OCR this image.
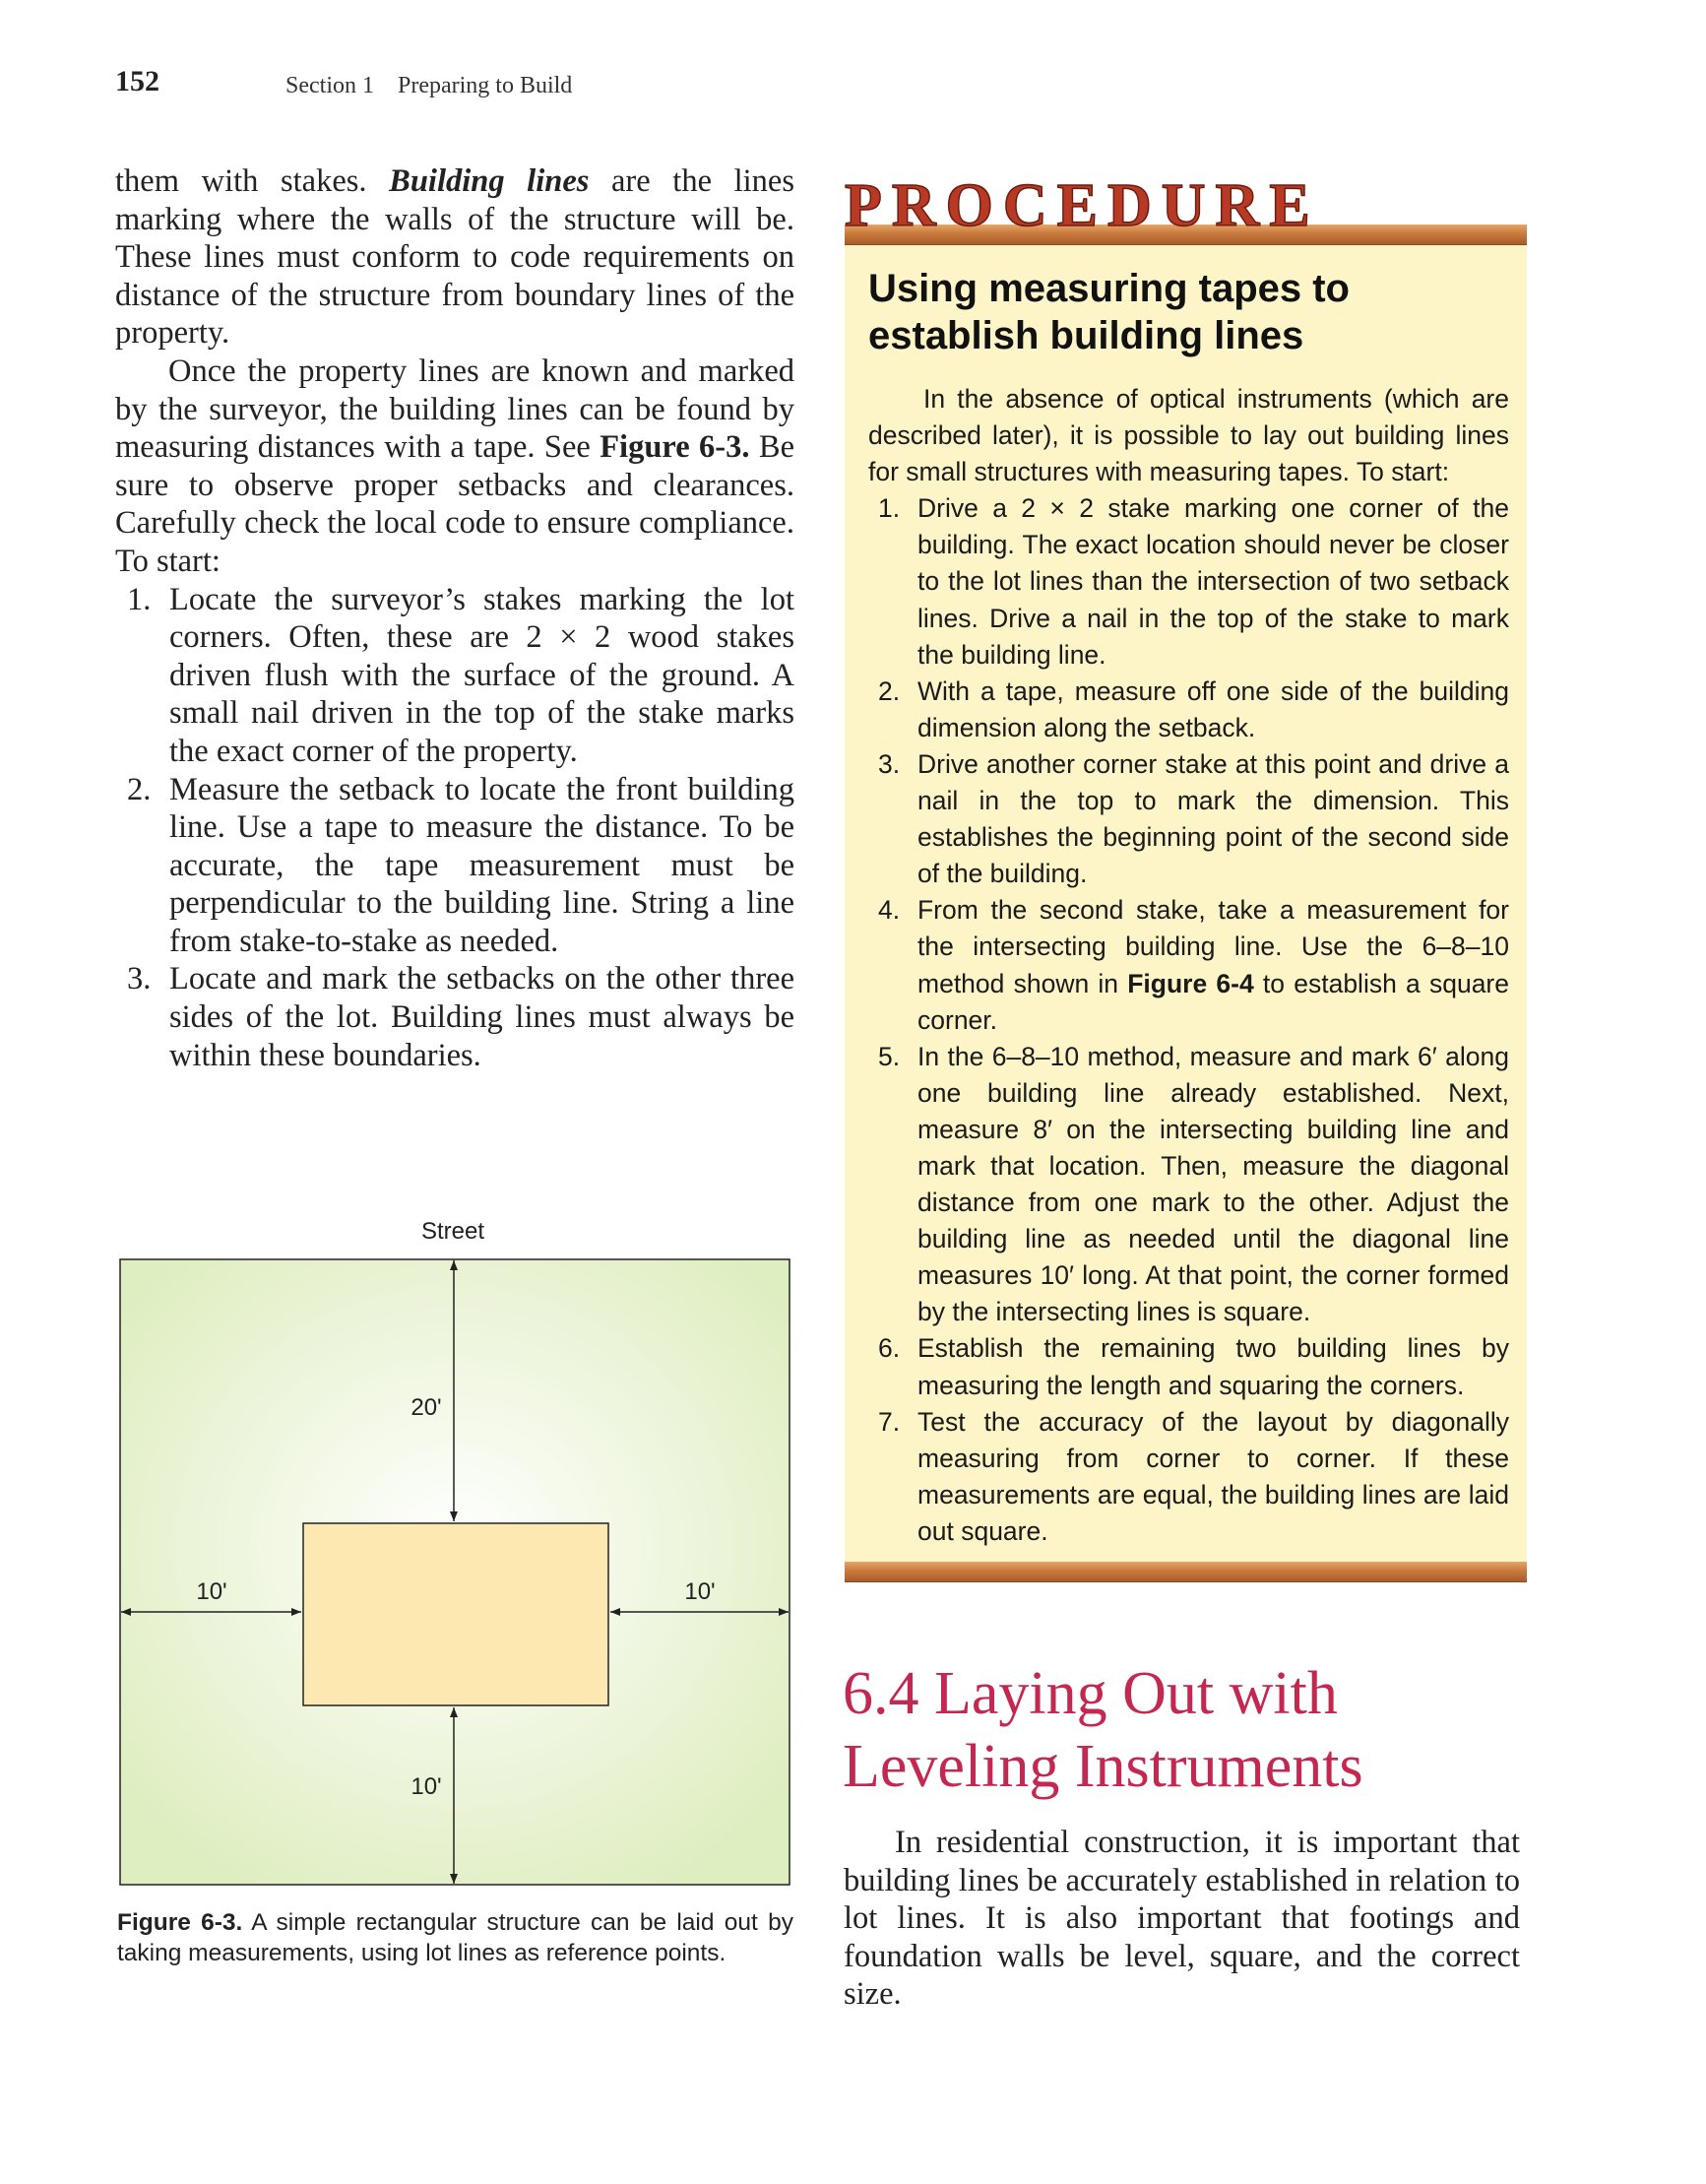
152	Section 1    Preparing to Build

them with stakes. Building lines are the lines marking where the walls of the structure will be. These lines must conform to code requirements on distance of the structure from boundary lines of the property.

Once the property lines are known and marked by the surveyor, the building lines can be found by measuring distances with a tape. See Figure 6-3. Be sure to observe proper setbacks and clearances. Carefully check the local code to ensure compliance. To start:

1. Locate the surveyor’s stakes marking the lot corners. Often, these are 2 × 2 wood stakes driven flush with the surface of the ground. A small nail driven in the top of the stake marks the exact corner of the property.
2. Measure the setback to locate the front building line. Use a tape to measure the distance. To be accurate, the tape measurement must be perpendicular to the building line. String a line from stake-to-stake as needed.
3. Locate and mark the setbacks on the other three sides of the lot. Building lines must always be within these boundaries.
Street
20'
10'	10'
10'
Figure 6-3. A simple rectangular structure can be laid out by taking measurements, using lot lines as reference points.
PROCEDURE
Using measuring tapes to establish building lines

In the absence of optical instruments (which are described later), it is possible to lay out building lines for small structures with measuring tapes. To start:

1. Drive a 2 × 2 stake marking one corner of the building. The exact location should never be closer to the lot lines than the intersection of two setback lines. Drive a nail in the top of the stake to mark the building line.
2. With a tape, measure off one side of the building dimension along the setback.
3. Drive another corner stake at this point and drive a nail in the top to mark the dimension. This establishes the beginning point of the second side of the building.
4. From the second stake, take a measurement for the intersecting building line. Use the 6–8–10 method shown in Figure 6-4 to establish a square corner.
5. In the 6–8–10 method, measure and mark 6′ along one building line already established. Next, measure 8′ on the intersecting building line and mark that location. Then, measure the diagonal distance from one mark to the other. Adjust the building line as needed until the diagonal line measures 10′ long. At that point, the corner formed by the intersecting lines is square.
6. Establish the remaining two building lines by measuring the length and squaring the corners.
7. Test the accuracy of the layout by diagonally measuring from corner to corner. If these measurements are equal, the building lines are laid out square.
6.4 Laying Out with
Leveling Instruments

In residential construction, it is important that building lines be accurately established in relation to lot lines. It is also important that footings and foundation walls be level, square, and the correct size.
